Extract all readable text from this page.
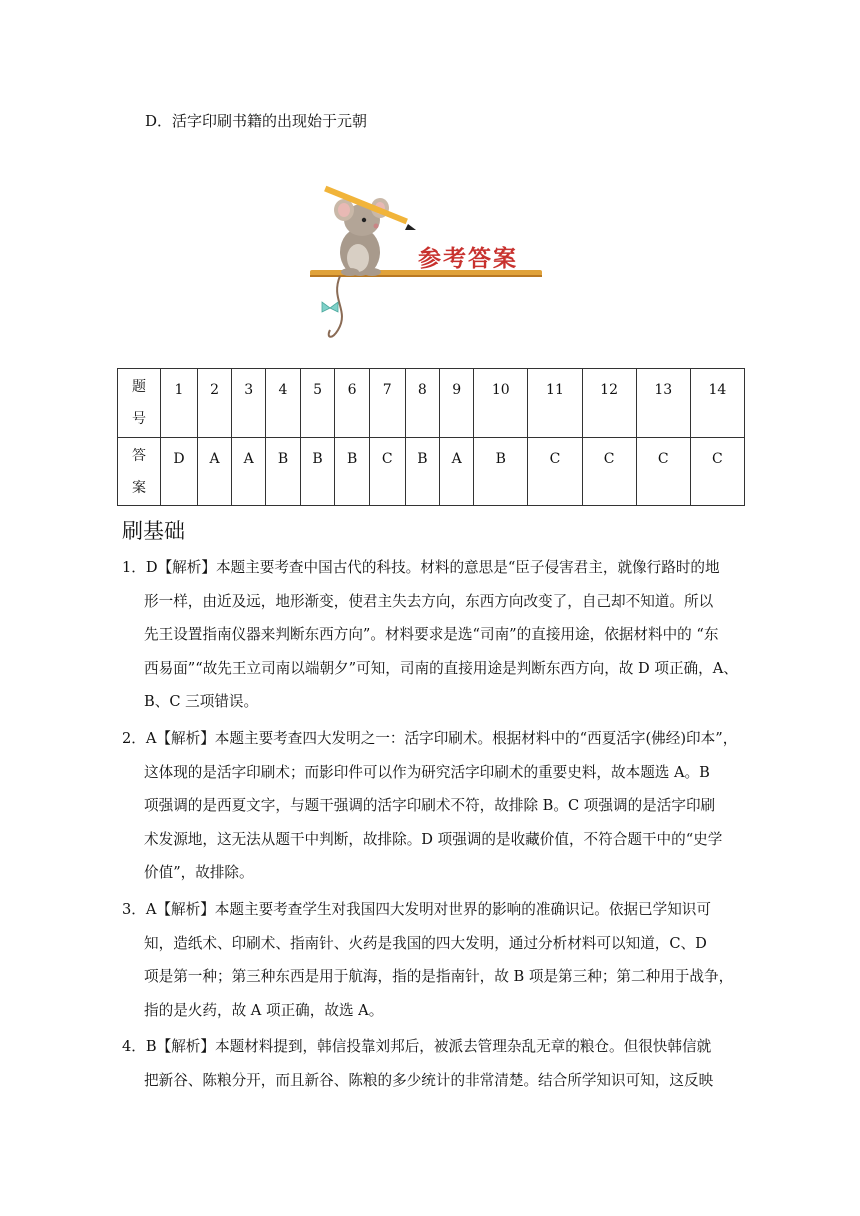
D．活字印刷书籍的出现始于元朝
参考答案
题
号	1	2	3	4	5	6	7	8	9	10	11	12	13	14

答
案	D	A	A	B	B	B	C	B	A	B	C	C	C	C
刷基础
1．D【解析】本题主要考查中国古代的科技。材料的意思是“臣子侵害君主，就像行路时的地
形一样，由近及远，地形渐变，使君主失去方向，东西方向改变了，自己却不知道。所以
先王设置指南仪器来判断东西方向”。材料要求是选“司南”的直接用途，依据材料中的 “东
西易面”“故先王立司南以端朝夕”可知，司南的直接用途是判断东西方向，故 D 项正确，A、
B、C 三项错误。
2．A【解析】本题主要考查四大发明之一：活字印刷术。根据材料中的“西夏活字(佛经)印本”，
这体现的是活字印刷术；而影印件可以作为研究活字印刷术的重要史料，故本题选 A。B
项强调的是西夏文字，与题干强调的活字印刷术不符，故排除 B。C 项强调的是活字印刷
术发源地，这无法从题干中判断，故排除。D 项强调的是收藏价值，不符合题干中的“史学
价值”，故排除。
3．A【解析】本题主要考查学生对我国四大发明对世界的影响的准确识记。依据已学知识可
知，造纸术、印刷术、指南针、火药是我国的四大发明，通过分析材料可以知道，C、D
项是第一种；第三种东西是用于航海，指的是指南针，故 B 项是第三种；第二种用于战争，
指的是火药，故 A 项正确，故选 A。
4．B【解析】本题材料提到，韩信投靠刘邦后，被派去管理杂乱无章的粮仓。但很快韩信就
把新谷、陈粮分开，而且新谷、陈粮的多少统计的非常清楚。结合所学知识可知，这反映
